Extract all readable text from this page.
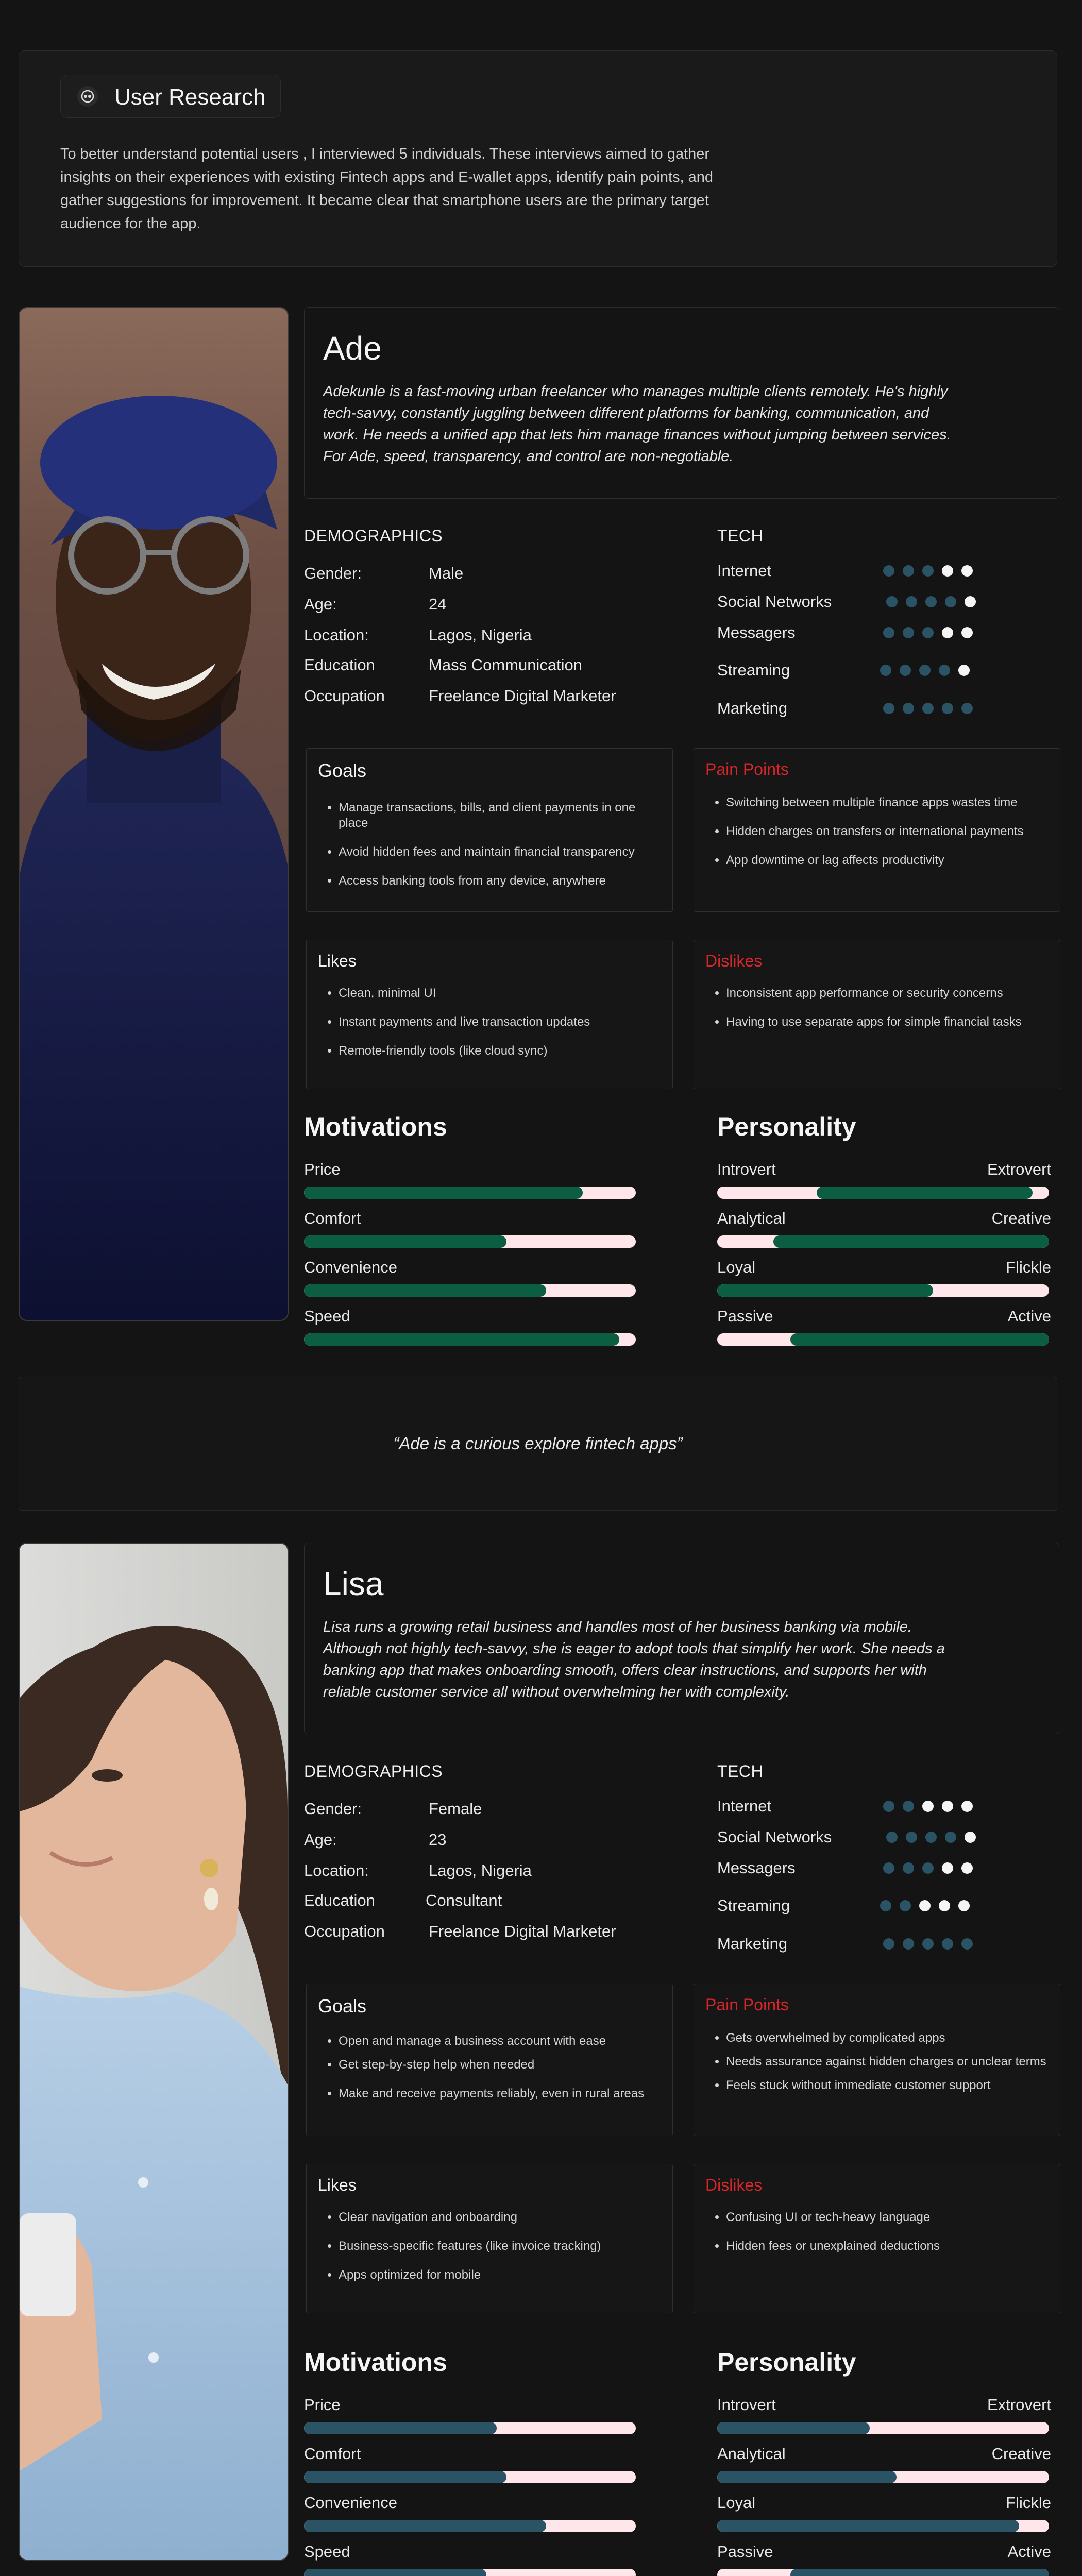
User Research
To better understand potential users , I interviewed 5 individuals. These interviews aimed to gather insights on their experiences with existing Fintech apps and E-wallet apps, identify pain points, and gather suggestions for improvement. It became clear that smartphone users are the primary target audience for the app.
Ade
Adekunle is a fast-moving urban freelancer who manages multiple clients remotely. He's highly tech-savvy, constantly juggling between different platforms for banking, communication, and work. He needs a unified app that lets him manage finances without jumping between services. For Ade, speed, transparency, and control are non-negotiable.
DEMOGRAPHICS
Gender:	Male
Age:	24
Location:	Lagos, Nigeria
Education	Mass Communication
Occupation	Freelance Digital Marketer
TECH
Internet
Social Networks
Messagers
Streaming
Marketing
Goals
• Manage transactions, bills, and client payments in one place
• Avoid hidden fees and maintain financial transparency
• Access banking tools from any device, anywhere
Pain Points
• Switching between multiple finance apps wastes time
• Hidden charges on transfers or international payments
• App downtime or lag affects productivity
Likes
• Clean, minimal UI
• Instant payments and live transaction updates
• Remote-friendly tools (like cloud sync)
Dislikes
• Inconsistent app performance or security concerns
• Having to use separate apps for simple financial tasks
Motivations
Price
Comfort
Convenience
Speed
Personality
Introvert	Extrovert
Analytical	Creative
Loyal	Flickle
Passive	Active
“Ade is a curious explore fintech apps”
Lisa
Lisa runs a growing retail business and handles most of her business banking via mobile. Although not highly tech-savvy, she is eager to adopt tools that simplify her work. She needs a banking app that makes onboarding smooth, offers clear instructions, and supports her with reliable customer service all without overwhelming her with complexity.
DEMOGRAPHICS
Gender:	Female
Age:	23
Location:	Lagos, Nigeria
Education	Consultant
Occupation	Freelance Digital Marketer
TECH
Internet
Social Networks
Messagers
Streaming
Marketing
Goals
• Open and manage a business account with ease
• Get step-by-step help when needed
• Make and receive payments reliably, even in rural areas
Pain Points
• Gets overwhelmed by complicated apps
• Needs assurance against hidden charges or unclear terms
• Feels stuck without immediate customer support
Likes
• Clear navigation and onboarding
• Business-specific features (like invoice tracking)
• Apps optimized for mobile
Dislikes
• Confusing UI or tech-heavy language
• Hidden fees or unexplained deductions
Motivations
Price
Comfort
Convenience
Speed
Personality
Introvert	Extrovert
Analytical	Creative
Loyal	Flickle
Passive	Active
